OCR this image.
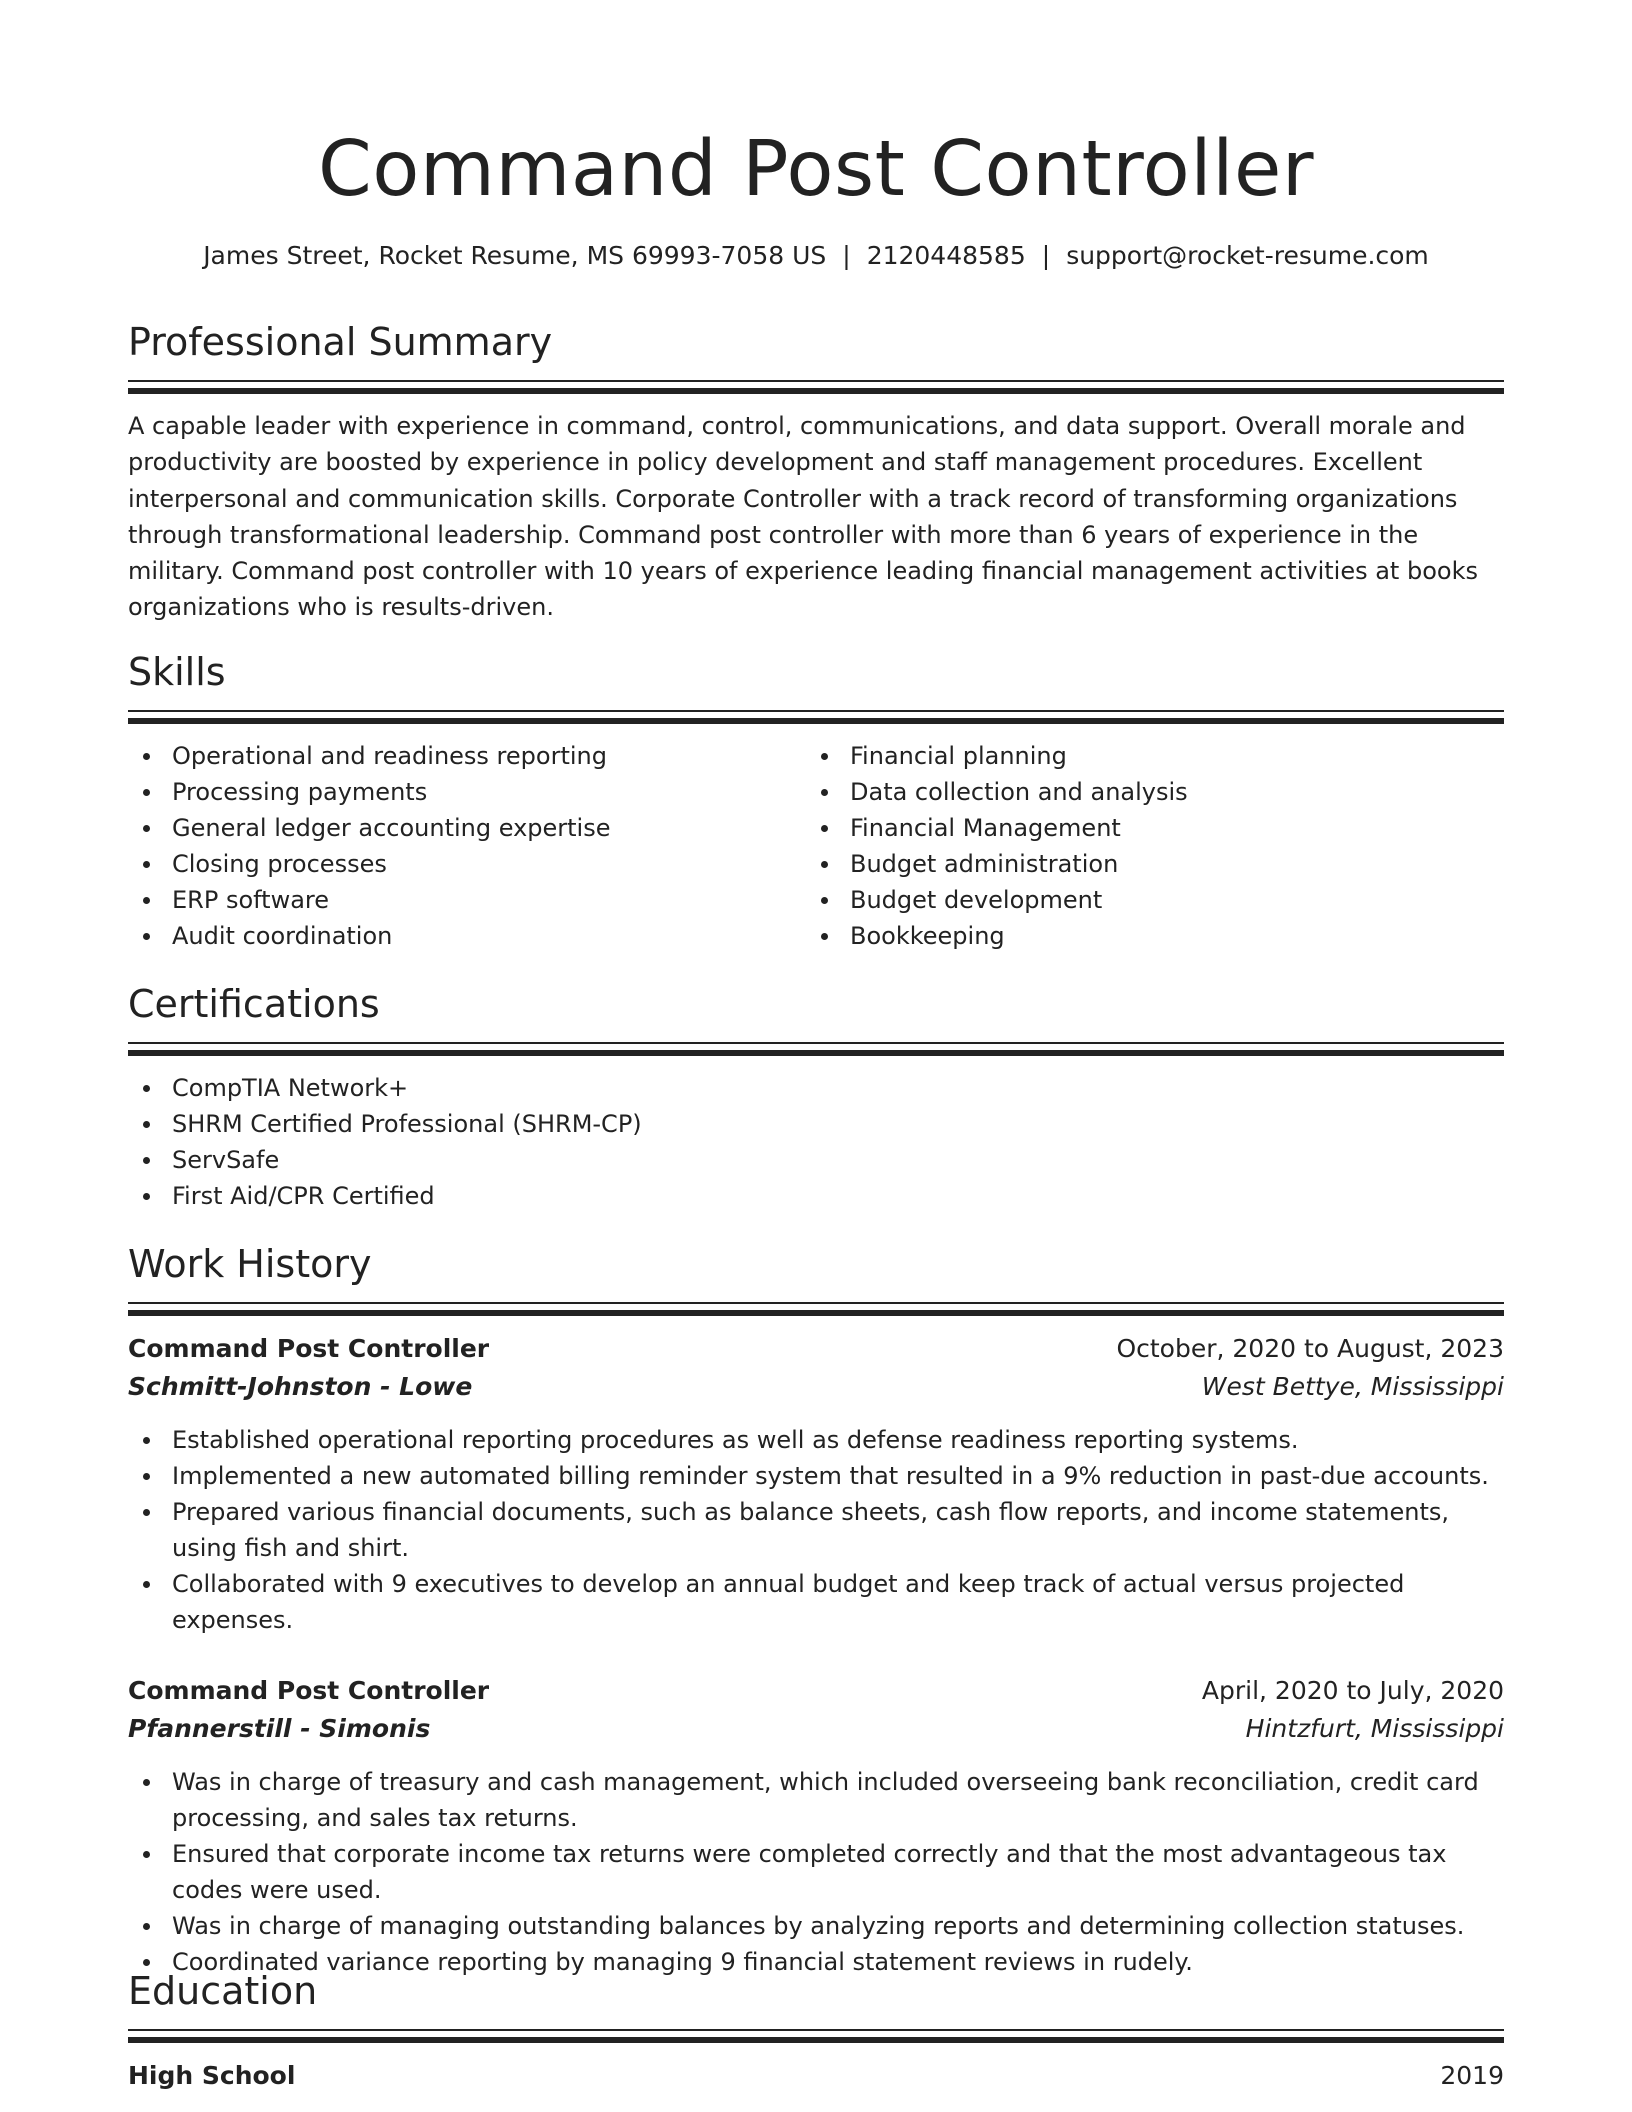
Command Post Controller
James Street, Rocket Resume, MS 69993-7058 US | 2120448585 | support@rocket-resume.com
Professional Summary
A capable leader with experience in command, control, communications, and data support. Overall morale and productivity are boosted by experience in policy development and staff management procedures. Excellent interpersonal and communication skills. Corporate Controller with a track record of transforming organizations through transformational leadership. Command post controller with more than 6 years of experience in the military. Command post controller with 10 years of experience leading financial management activities at books organizations who is results-driven.
Skills
Operational and readiness reporting
Processing payments
General ledger accounting expertise
Closing processes
ERP software
Audit coordination
Financial planning
Data collection and analysis
Financial Management
Budget administration
Budget development
Bookkeeping
Certifications
CompTIA Network+
SHRM Certified Professional (SHRM-CP)
ServSafe
First Aid/CPR Certified
Work History
Command Post Controller	October, 2020 to August, 2023
Schmitt-Johnston - Lowe	West Bettye, Mississippi
Established operational reporting procedures as well as defense readiness reporting systems.
Implemented a new automated billing reminder system that resulted in a 9% reduction in past-due accounts.
Prepared various financial documents, such as balance sheets, cash flow reports, and income statements, using fish and shirt.
Collaborated with 9 executives to develop an annual budget and keep track of actual versus projected expenses.
Command Post Controller	April, 2020 to July, 2020
Pfannerstill - Simonis	Hintzfurt, Mississippi
Was in charge of treasury and cash management, which included overseeing bank reconciliation, credit card processing, and sales tax returns.
Ensured that corporate income tax returns were completed correctly and that the most advantageous tax codes were used.
Was in charge of managing outstanding balances by analyzing reports and determining collection statuses.
Coordinated variance reporting by managing 9 financial statement reviews in rudely.
Education
High School	2019
